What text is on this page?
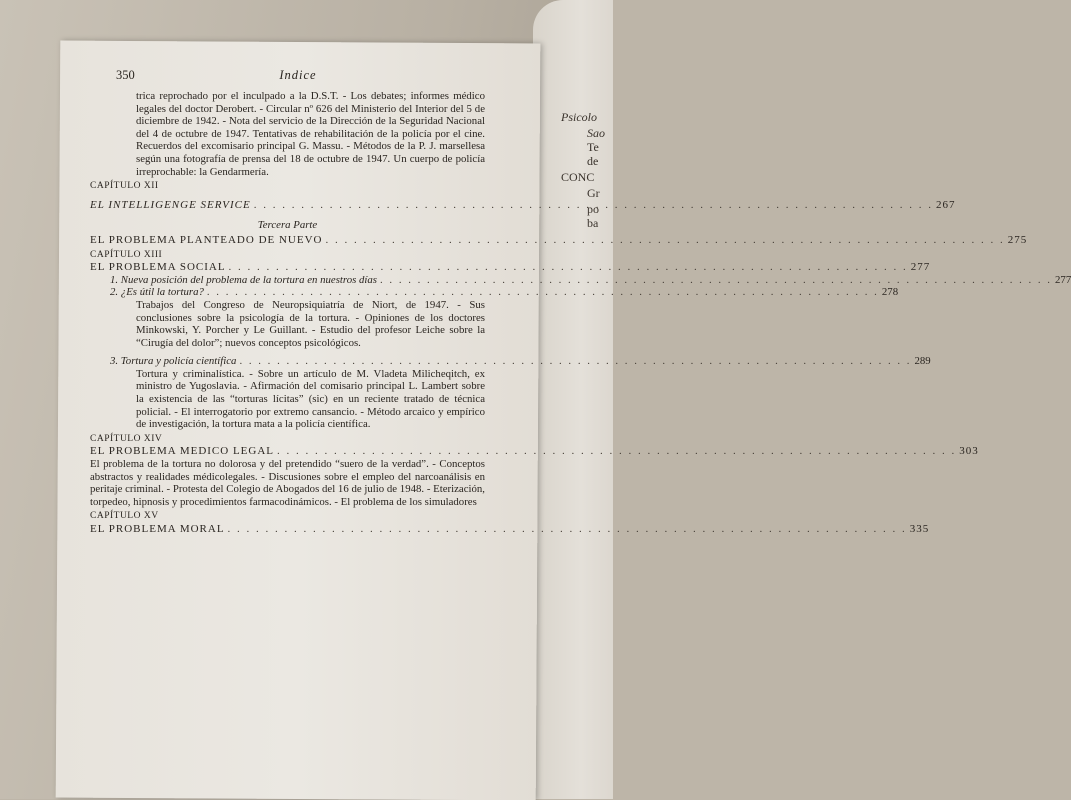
Psicolo
Sao
Te
de
CONC
Gr
po
ba
350	Indice

trica reprochado por el inculpado a la D.S.T. - Los debates; informes médico legales del doctor Derobert. - Circular nº 626 del Ministerio del Interior del 5 de diciembre de 1942. - Nota del servicio de la Dirección de la Seguridad Nacional del 4 de octubre de 1947. Tentativas de rehabilitación de la policía por el cine. Recuerdos del excomisario principal G. Massu. - Métodos de la P. J. marsellesa según una fotografía de prensa del 18 de octubre de 1947. Un cuerpo de policía irreprochable: la Gendarmería.

CAPÍTULO XII
EL INTELLIGENGE SERVICE . . .	267
Tercera Parte
EL PROBLEMA PLANTEADO DE NUEVO . . .	275
CAPÍTULO XIII
EL PROBLEMA SOCIAL . . .	277
1. Nueva posición del problema de la tortura en nuestros días . . .	277
2. ¿Es útil la tortura? . . .	278

Trabajos del Congreso de Neuropsiquiatría de Niort, de 1947. - Sus conclusiones sobre la psicología de la tortura. - Opiniones de los doctores Minkowski, Y. Porcher y Le Guillant. - Estudio del profesor Leiche sobre la “Cirugía del dolor”; nuevos conceptos psicológicos.

3. Tortura y policía científica . . .	289

Tortura y criminalística. - Sobre un artículo de M. Vladeta Milicheqitch, ex ministro de Yugoslavia. - Afirmación del comisario principal L. Lambert sobre la existencia de las “torturas lícitas” (sic) en un reciente tratado de técnica policial. - El interrogatorio por extremo cansancio. - Método arcaico y empírico de investigación, la tortura mata a la policía científica.

CAPÍTULO XIV
EL PROBLEMA MEDICO LEGAL . . .	303

El problema de la tortura no dolorosa y del pretendido “suero de la verdad”. - Conceptos abstractos y realidades médicolegales. - Discusiones sobre el empleo del narcoanálisis en peritaje criminal. - Protesta del Colegio de Abogados del 16 de julio de 1948. - Eterización, torpedeo, hipnosis y procedimientos farmacodinámicos. - El problema de los simuladores

CAPÍTULO XV
EL PROBLEMA MORAL . . .	335
